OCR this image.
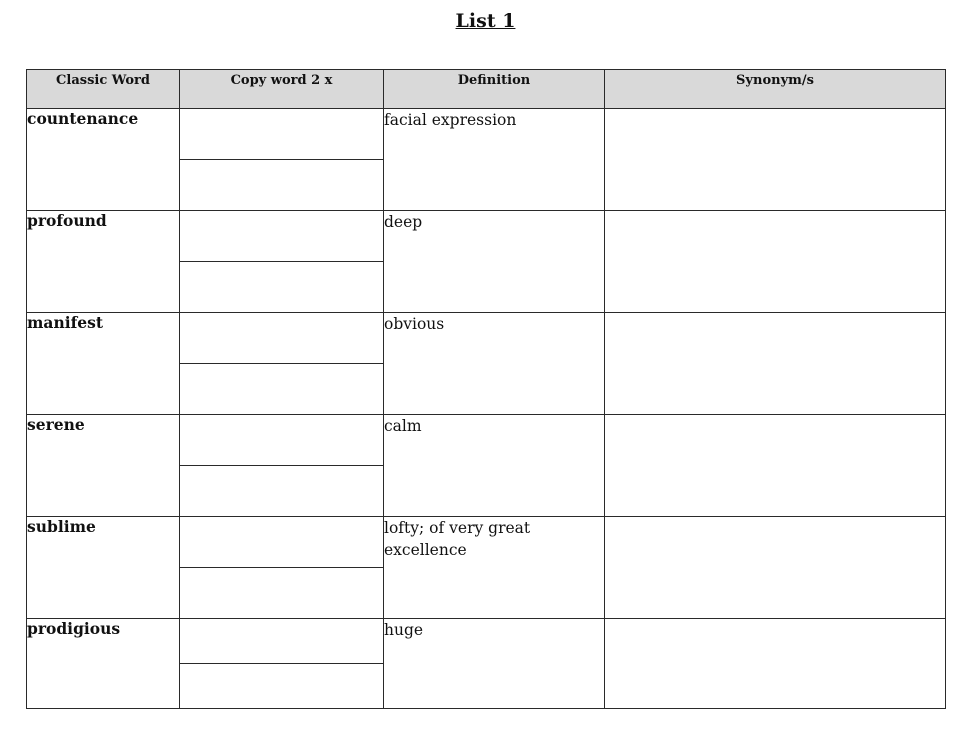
List 1
Classic Word	Copy word 2 x	Definition	Synonym/s
countenance		facial expression	

profound		deep	

manifest		obvious	

serene		calm	

sublime		lofty; of very great excellence	

prodigious		huge	
